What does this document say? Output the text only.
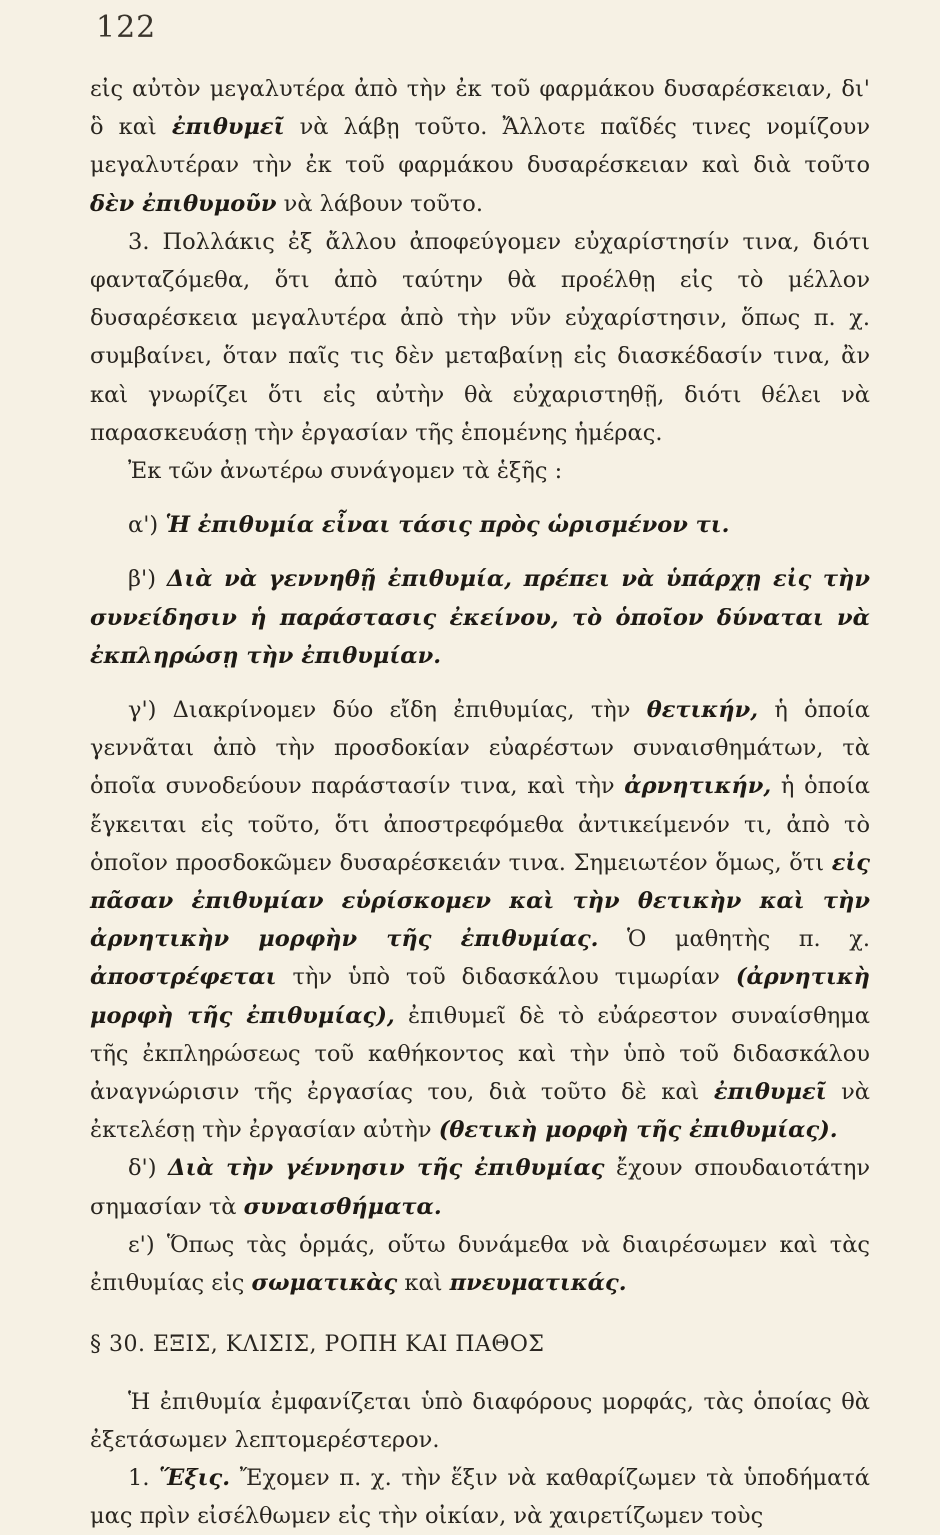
122

εἰς αὐτὸν μεγαλυτέρα ἀπὸ τὴν ἐκ τοῦ φαρμάκου δυσαρέσκειαν, δι' ὃ καὶ ἐπιθυμεῖ νὰ λάβῃ τοῦτο. Ἄλλοτε παῖδές τινες νομίζουν μεγαλυτέραν τὴν ἐκ τοῦ φαρμάκου δυσαρέσκειαν καὶ διὰ τοῦτο δὲν ἐπιθυμοῦν νὰ λάβουν τοῦτο.

3. Πολλάκις ἐξ ἄλλου ἀποφεύγομεν εὐχαρίστησίν τινα, διότι φανταζόμεθα, ὅτι ἀπὸ ταύτην θὰ προέλθῃ εἰς τὸ μέλλον δυσαρέσκεια μεγαλυτέρα ἀπὸ τὴν νῦν εὐχαρίστησιν, ὅπως π. χ. συμβαίνει, ὅταν παῖς τις δὲν μεταβαίνῃ εἰς διασκέδασίν τινα, ἂν καὶ γνωρίζει ὅτι εἰς αὐτὴν θὰ εὐχαριστηθῇ, διότι θέλει νὰ παρασκευάσῃ τὴν ἐργασίαν τῆς ἑπομένης ἡμέρας.

Ἐκ τῶν ἀνωτέρω συνάγομεν τὰ ἑξῆς :

α') Ἡ ἐπιθυμία εἶναι τάσις πρὸς ὡρισμένον τι.

β') Διὰ νὰ γεννηθῇ ἐπιθυμία, πρέπει νὰ ὑπάρχῃ εἰς τὴν συνείδησιν ἡ παράστασις ἐκείνου, τὸ ὁποῖον δύναται νὰ ἐκπληρώσῃ τὴν ἐπιθυμίαν.

γ') Διακρίνομεν δύο εἴδη ἐπιθυμίας, τὴν θετικήν, ἡ ὁποία γεννᾶται ἀπὸ τὴν προσδοκίαν εὐαρέστων συναισθημάτων, τὰ ὁποῖα συνοδεύουν παράστασίν τινα, καὶ τὴν ἀρνητικήν, ἡ ὁποία ἔγκειται εἰς τοῦτο, ὅτι ἀποστρεφόμεθα ἀντικείμενόν τι, ἀπὸ τὸ ὁποῖον προσδοκῶμεν δυσαρέσκειάν τινα. Σημειωτέον ὅμως, ὅτι εἰς πᾶσαν ἐπιθυμίαν εὑρίσκομεν καὶ τὴν θετικὴν καὶ τὴν ἀρνητικὴν μορφὴν τῆς ἐπιθυμίας. Ὁ μαθητὴς π. χ. ἀποστρέφεται τὴν ὑπὸ τοῦ διδασκάλου τιμωρίαν (ἀρνητικὴ μορφὴ τῆς ἐπιθυμίας), ἐπιθυμεῖ δὲ τὸ εὐάρεστον συναίσθημα τῆς ἐκπληρώσεως τοῦ καθήκοντος καὶ τὴν ὑπὸ τοῦ διδασκάλου ἀναγνώρισιν τῆς ἐργασίας του, διὰ τοῦτο δὲ καὶ ἐπιθυμεῖ νὰ ἐκτελέσῃ τὴν ἐργασίαν αὐτὴν (θετικὴ μορφὴ τῆς ἐπιθυμίας).

δ') Διὰ τὴν γέννησιν τῆς ἐπιθυμίας ἔχουν σπουδαιοτάτην σημασίαν τὰ συναισθήματα.

ε') Ὅπως τὰς ὁρμάς, οὕτω δυνάμεθα νὰ διαιρέσωμεν καὶ τὰς ἐπιθυμίας εἰς σωματικὰς καὶ πνευματικάς.

§ 30. ΕΞΙΣ, ΚΛΙΣΙΣ, ΡΟΠΗ ΚΑΙ ΠΑΘΟΣ

Ἡ ἐπιθυμία ἐμφανίζεται ὑπὸ διαφόρους μορφάς, τὰς ὁποίας θὰ ἐξετάσωμεν λεπτομερέστερον.

1. Ἕξις. Ἔχομεν π. χ. τὴν ἕξιν νὰ καθαρίζωμεν τὰ ὑποδήματά μας πρὶν εἰσέλθωμεν εἰς τὴν οἰκίαν, νὰ χαιρετίζωμεν τοὺς
